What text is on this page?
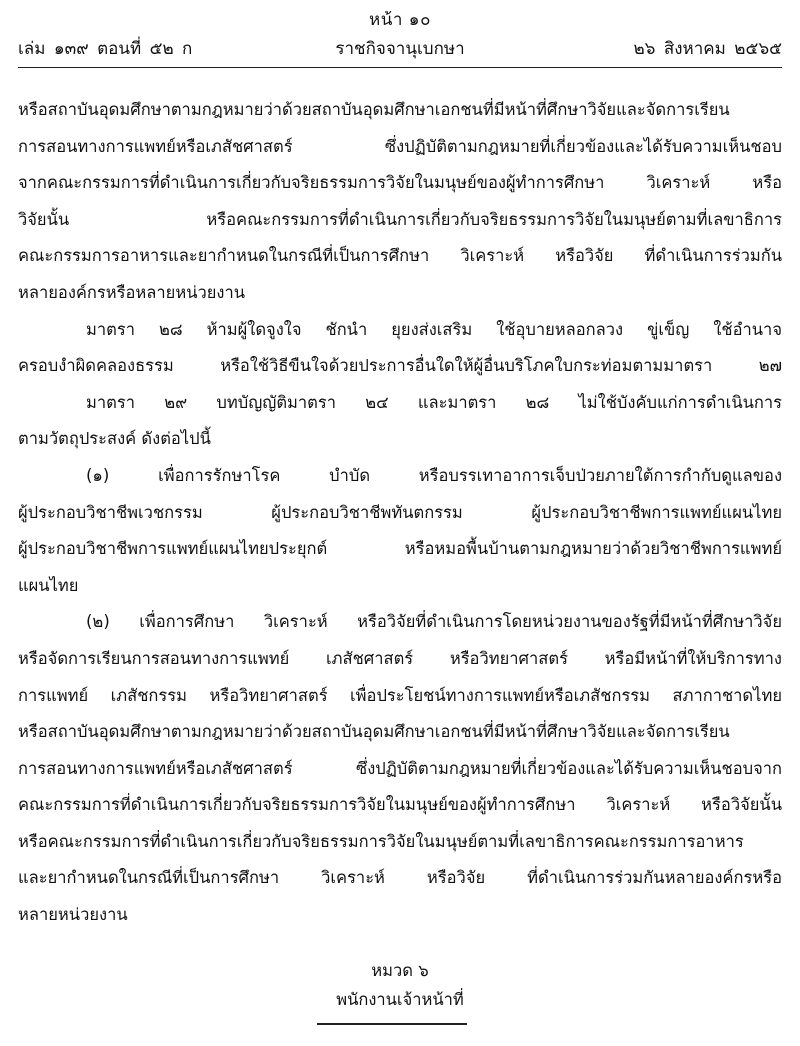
หน้า ๑๐
ราชกิจจานุเบกษา
เล่ม ๑๓๙ ตอนที่ ๕๒ ก	๒๖ สิงหาคม ๒๕๖๕
หรือสถาบันอุดมศึกษาตามกฎหมายว่าด้วยสถาบันอุดมศึกษาเอกชนที่มีหน้าที่ศึกษาวิจัยและจัดการเรียน
การสอนทางการแพทย์หรือเภสัชศาสตร์ ซึ่งปฏิบัติตามกฎหมายที่เกี่ยวข้องและได้รับความเห็นชอบ
จากคณะกรรมการที่ดำเนินการเกี่ยวกับจริยธรรมการวิจัยในมนุษย์ของผู้ทำการศึกษา วิเคราะห์ หรือ
วิจัยนั้น หรือคณะกรรมการที่ดำเนินการเกี่ยวกับจริยธรรมการวิจัยในมนุษย์ตามที่เลขาธิการ
คณะกรรมการอาหารและยากำหนดในกรณีที่เป็นการศึกษา วิเคราะห์ หรือวิจัย ที่ดำเนินการร่วมกัน
หลายองค์กรหรือหลายหน่วยงาน
มาตรา ๒๘ ห้ามผู้ใดจูงใจ ชักนำ ยุยงส่งเสริม ใช้อุบายหลอกลวง ขู่เข็ญ ใช้อำนาจ
ครอบงำผิดคลองธรรม หรือใช้วิธีขืนใจด้วยประการอื่นใดให้ผู้อื่นบริโภคใบกระท่อมตามมาตรา ๒๗
มาตรา ๒๙ บทบัญญัติมาตรา ๒๔ และมาตรา ๒๘ ไม่ใช้บังคับแก่การดำเนินการ
ตามวัตถุประสงค์ ดังต่อไปนี้
(๑) เพื่อการรักษาโรค บำบัด หรือบรรเทาอาการเจ็บป่วยภายใต้การกำกับดูแลของ
ผู้ประกอบวิชาชีพเวชกรรม ผู้ประกอบวิชาชีพทันตกรรม ผู้ประกอบวิชาชีพการแพทย์แผนไทย
ผู้ประกอบวิชาชีพการแพทย์แผนไทยประยุกต์ หรือหมอพื้นบ้านตามกฎหมายว่าด้วยวิชาชีพการแพทย์
แผนไทย
(๒) เพื่อการศึกษา วิเคราะห์ หรือวิจัยที่ดำเนินการโดยหน่วยงานของรัฐที่มีหน้าที่ศึกษาวิจัย
หรือจัดการเรียนการสอนทางการแพทย์ เภสัชศาสตร์ หรือวิทยาศาสตร์ หรือมีหน้าที่ให้บริการทาง
การแพทย์ เภสัชกรรม หรือวิทยาศาสตร์ เพื่อประโยชน์ทางการแพทย์หรือเภสัชกรรม สภากาชาดไทย
หรือสถาบันอุดมศึกษาตามกฎหมายว่าด้วยสถาบันอุดมศึกษาเอกชนที่มีหน้าที่ศึกษาวิจัยและจัดการเรียน
การสอนทางการแพทย์หรือเภสัชศาสตร์ ซึ่งปฏิบัติตามกฎหมายที่เกี่ยวข้องและได้รับความเห็นชอบจาก
คณะกรรมการที่ดำเนินการเกี่ยวกับจริยธรรมการวิจัยในมนุษย์ของผู้ทำการศึกษา วิเคราะห์ หรือวิจัยนั้น
หรือคณะกรรมการที่ดำเนินการเกี่ยวกับจริยธรรมการวิจัยในมนุษย์ตามที่เลขาธิการคณะกรรมการอาหาร
และยากำหนดในกรณีที่เป็นการศึกษา วิเคราะห์ หรือวิจัย ที่ดำเนินการร่วมกันหลายองค์กรหรือ
หลายหน่วยงาน
หมวด ๖
พนักงานเจ้าหน้าที่
